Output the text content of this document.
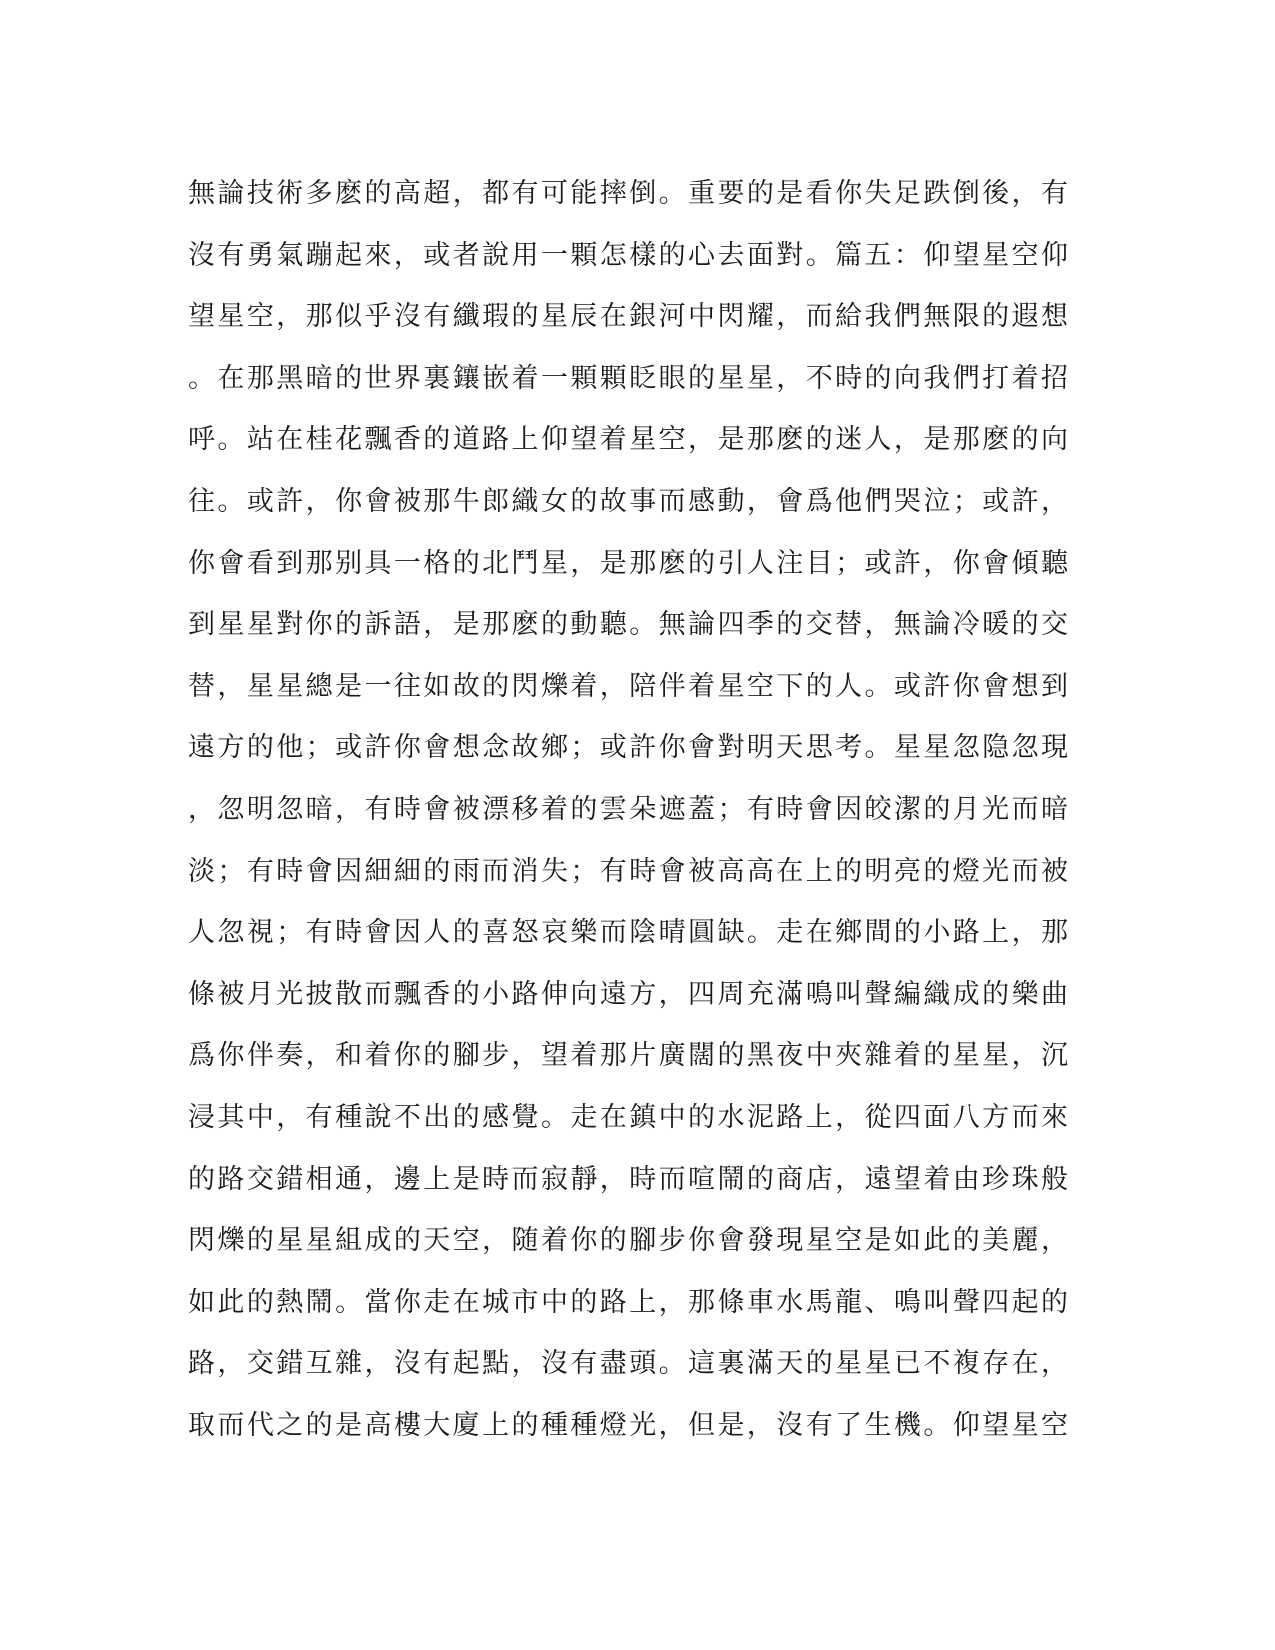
無論技術多麽的高超，都有可能摔倒。重要的是看你失足跌倒後，有
沒有勇氣蹦起來，或者說用一顆怎樣的心去面對。篇五：仰望星空仰
望星空，那似乎沒有纖瑕的星辰在銀河中閃耀，而給我們無限的遐想
。在那黑暗的世界裏鑲嵌着一顆顆眨眼的星星，不時的向我們打着招
呼。站在桂花飄香的道路上仰望着星空，是那麽的迷人，是那麽的向
往。或許，你會被那牛郎織女的故事而感動，會爲他們哭泣；或許，
你會看到那别具一格的北鬥星，是那麽的引人注目；或許，你會傾聽
到星星對你的訴語，是那麽的動聽。無論四季的交替，無論冷暖的交
替，星星總是一往如故的閃爍着，陪伴着星空下的人。或許你會想到
遠方的他；或許你會想念故鄉；或許你會對明天思考。星星忽隐忽現
，忽明忽暗，有時會被漂移着的雲朵遮蓋；有時會因皎潔的月光而暗
淡；有時會因細細的雨而消失；有時會被高高在上的明亮的燈光而被
人忽視；有時會因人的喜怒哀樂而陰晴圓缺。走在鄉間的小路上，那
條被月光披散而飄香的小路伸向遠方，四周充滿鳴叫聲編織成的樂曲
爲你伴奏，和着你的腳步，望着那片廣闊的黑夜中夾雜着的星星，沉
浸其中，有種說不出的感覺。走在鎮中的水泥路上，從四面八方而來
的路交錯相通，邊上是時而寂靜，時而喧鬧的商店，遠望着由珍珠般
閃爍的星星組成的天空，随着你的腳步你會發現星空是如此的美麗，
如此的熱鬧。當你走在城市中的路上，那條車水馬龍、鳴叫聲四起的
路，交錯互雜，沒有起點，沒有盡頭。這裏滿天的星星已不複存在，
取而代之的是高樓大廈上的種種燈光，但是，沒有了生機。仰望星空
